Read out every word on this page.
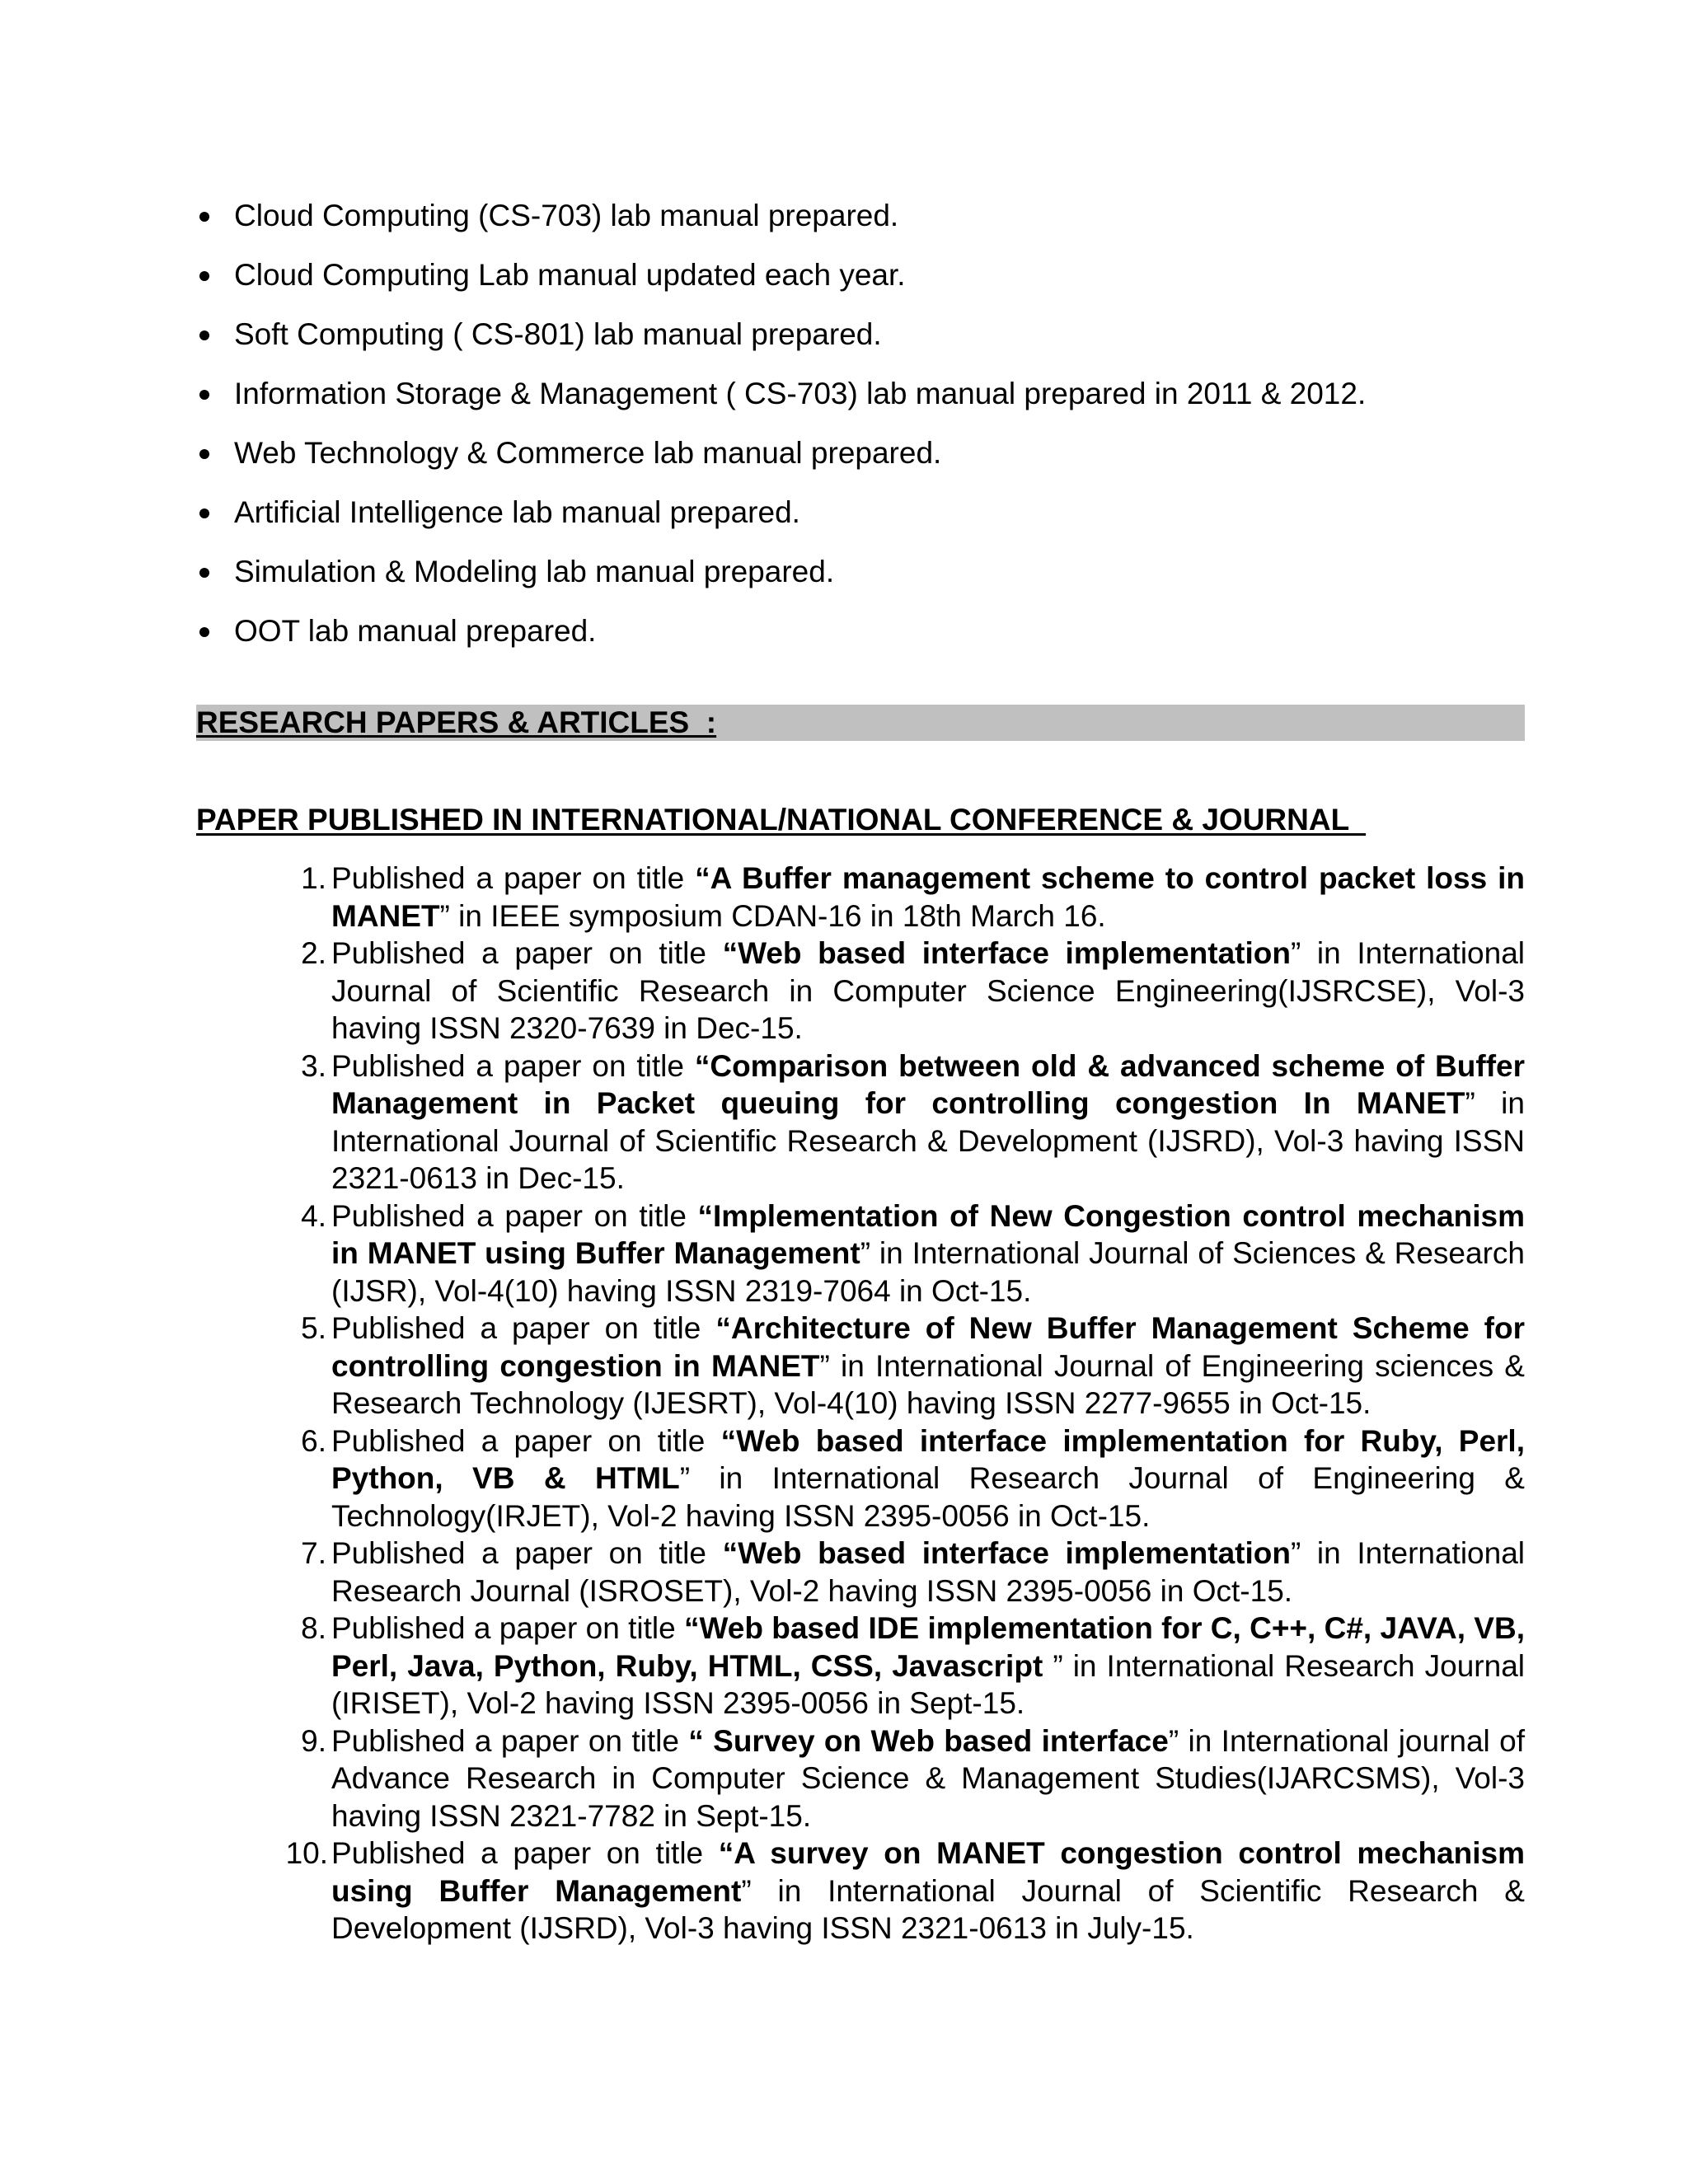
Cloud Computing (CS-703) lab manual prepared.
Cloud Computing Lab manual updated each year.
Soft Computing ( CS-801) lab manual prepared.
Information Storage & Management ( CS-703) lab manual prepared in 2011 & 2012.
Web Technology & Commerce lab manual prepared.
Artificial Intelligence lab manual prepared.
Simulation & Modeling lab manual prepared.
OOT lab manual prepared.
RESEARCH PAPERS & ARTICLES  :
PAPER PUBLISHED IN INTERNATIONAL/NATIONAL CONFERENCE & JOURNAL
1. Published a paper on title “A Buffer management scheme to control packet loss in MANET” in IEEE symposium CDAN-16 in 18th March 16.
2. Published a paper on title “Web based interface implementation” in International Journal of Scientific Research in Computer Science Engineering(IJSRCSE), Vol-3 having ISSN 2320-7639 in Dec-15.
3. Published a paper on title “Comparison between old & advanced scheme of Buffer Management in Packet queuing for controlling congestion In MANET” in International Journal of Scientific Research & Development (IJSRD), Vol-3 having ISSN 2321-0613 in Dec-15.
4. Published a paper on title “Implementation of New Congestion control mechanism in MANET using Buffer Management” in International Journal of Sciences & Research (IJSR), Vol-4(10) having ISSN 2319-7064 in Oct-15.
5. Published a paper on title “Architecture of New Buffer Management Scheme for controlling congestion in MANET” in International Journal of Engineering sciences & Research Technology (IJESRT), Vol-4(10) having ISSN 2277-9655 in Oct-15.
6. Published a paper on title “Web based interface implementation for Ruby, Perl, Python, VB & HTML” in International Research Journal of Engineering & Technology(IRJET), Vol-2 having ISSN 2395-0056 in Oct-15.
7. Published a paper on title “Web based interface implementation” in International Research Journal (ISROSET), Vol-2 having ISSN 2395-0056 in Oct-15.
8. Published a paper on title “Web based IDE implementation for C, C++, C#, JAVA, VB, Perl, Java, Python, Ruby, HTML, CSS, Javascript ” in International Research Journal (IRISET), Vol-2 having ISSN 2395-0056 in Sept-15.
9. Published a paper on title “ Survey on Web based interface” in International journal of Advance Research in Computer Science & Management Studies(IJARCSMS), Vol-3 having ISSN 2321-7782 in Sept-15.
10. Published a paper on title “A survey on MANET congestion control mechanism using Buffer Management” in International Journal of Scientific Research & Development (IJSRD), Vol-3 having ISSN 2321-0613 in July-15.
